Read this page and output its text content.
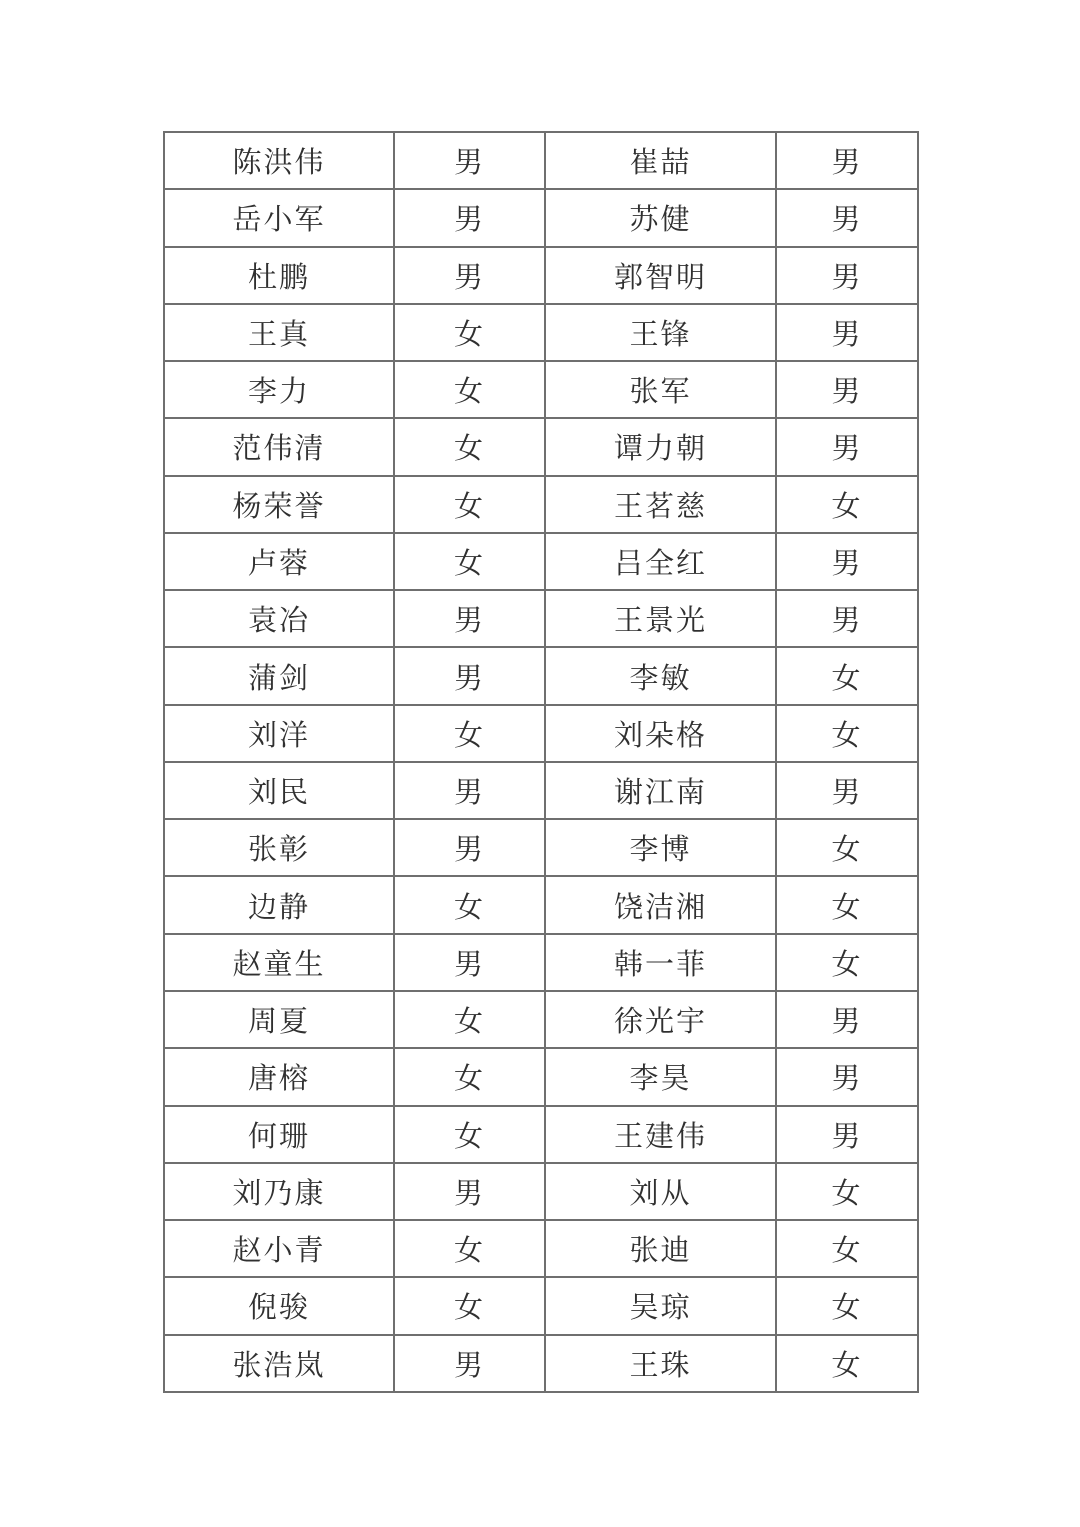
陈洪伟	男	崔喆	男
岳小军	男	苏健	男
杜鹏	男	郭智明	男
王真	女	王锋	男
李力	女	张军	男
范伟清	女	谭力朝	男
杨荣誉	女	王茗慈	女
卢蓉	女	吕全红	男
袁冶	男	王景光	男
蒲剑	男	李敏	女
刘洋	女	刘朵格	女
刘民	男	谢江南	男
张彰	男	李博	女
边静	女	饶洁湘	女
赵童生	男	韩一菲	女
周夏	女	徐光宇	男
唐榕	女	李昊	男
何珊	女	王建伟	男
刘乃康	男	刘从	女
赵小青	女	张迪	女
倪骏	女	吴琼	女
张浩岚	男	王珠	女
